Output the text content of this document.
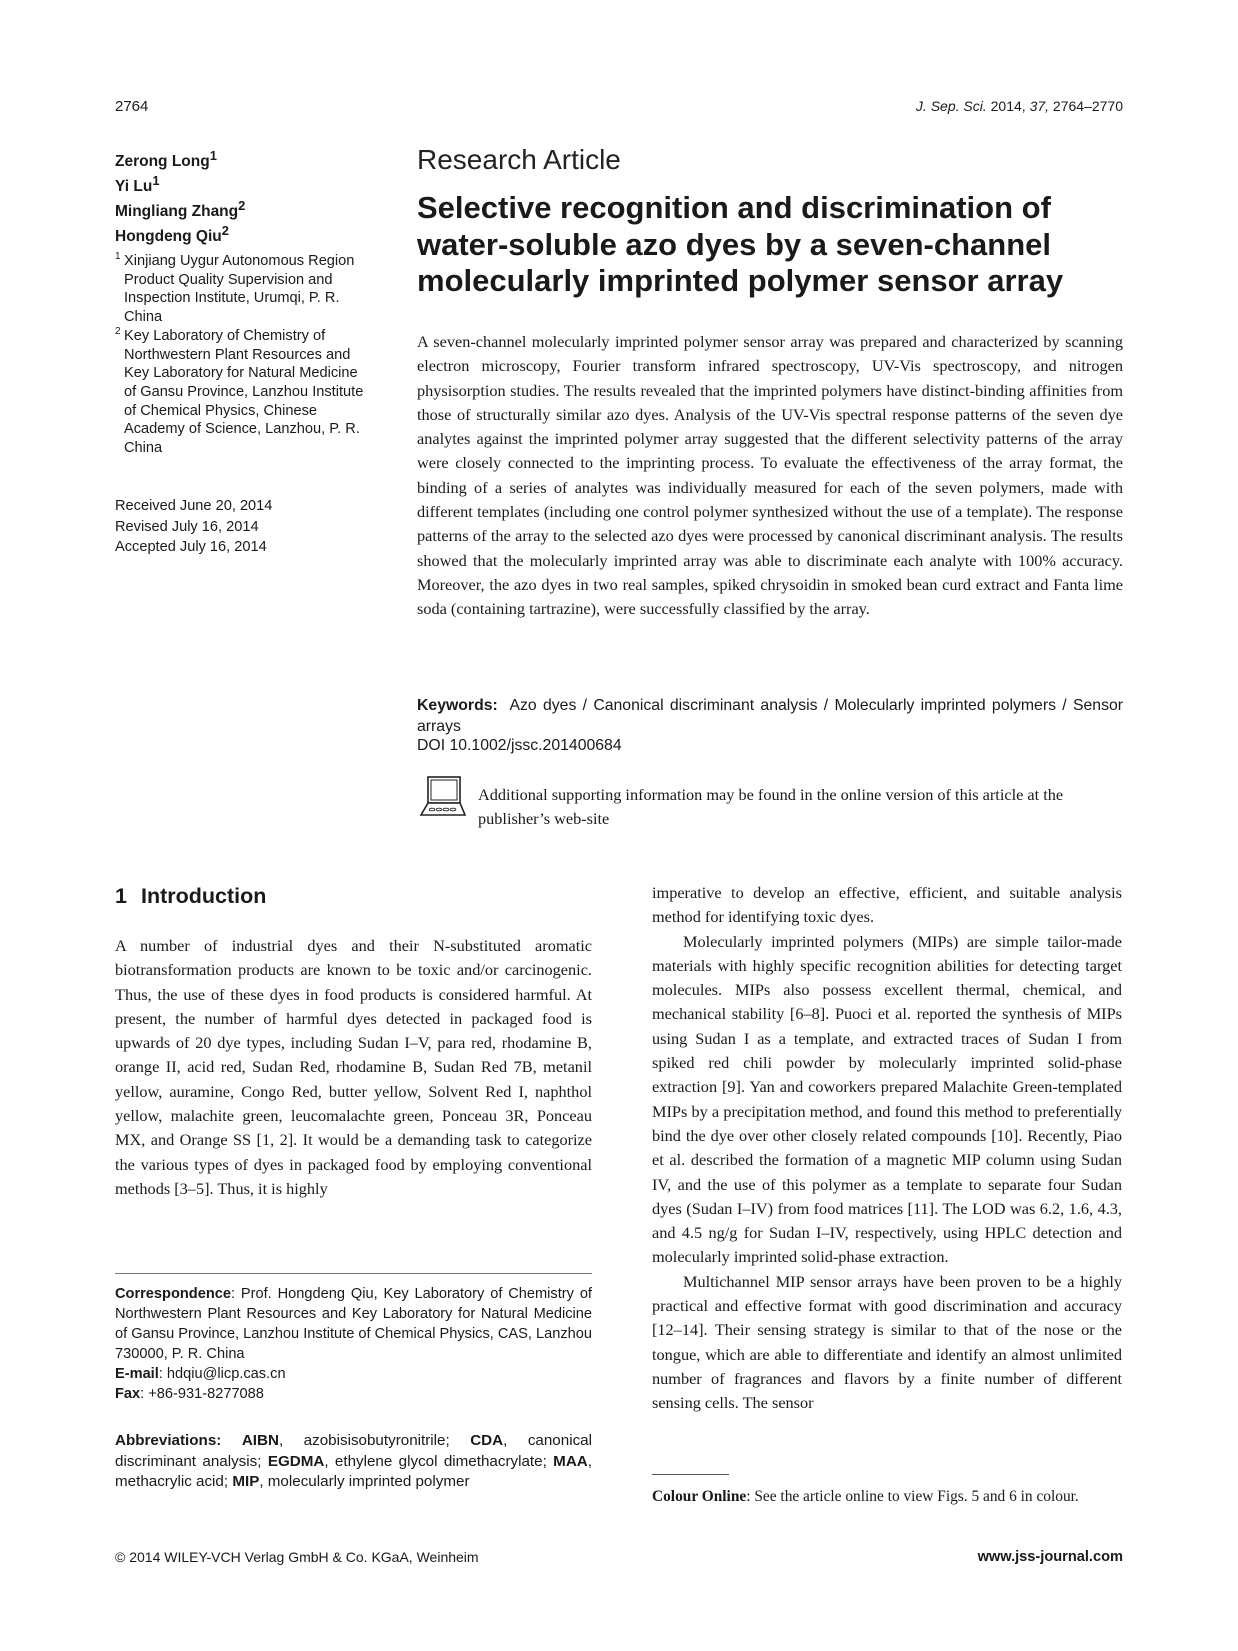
2764	J. Sep. Sci. 2014, 37, 2764–2770
Zerong Long$^1$
Yi Lu$^1$
Mingliang Zhang$^2$
Hongdeng Qiu$^2$
1 Xinjiang Uygur Autonomous Region Product Quality Supervision and Inspection Institute, Urumqi, P. R. China
2 Key Laboratory of Chemistry of Northwestern Plant Resources and Key Laboratory for Natural Medicine of Gansu Province, Lanzhou Institute of Chemical Physics, Chinese Academy of Science, Lanzhou, P. R. China
Received June 20, 2014
Revised July 16, 2014
Accepted July 16, 2014
Research Article
Selective recognition and discrimination of water-soluble azo dyes by a seven-channel molecularly imprinted polymer sensor array

A seven-channel molecularly imprinted polymer sensor array was prepared and characterized by scanning electron microscopy, Fourier transform infrared spectroscopy, UV-Vis spectroscopy, and nitrogen physisorption studies. The results revealed that the imprinted polymers have distinct-binding affinities from those of structurally similar azo dyes. Analysis of the UV-Vis spectral response patterns of the seven dye analytes against the imprinted polymer array suggested that the different selectivity patterns of the array were closely connected to the imprinting process. To evaluate the effectiveness of the array format, the binding of a series of analytes was individually measured for each of the seven polymers, made with different templates (including one control polymer synthesized without the use of a template). The response patterns of the array to the selected azo dyes were processed by canonical discriminant analysis. The results showed that the molecularly imprinted array was able to discriminate each analyte with 100% accuracy. Moreover, the azo dyes in two real samples, spiked chrysoidin in smoked bean curd extract and Fanta lime soda (containing tartrazine), were successfully classified by the array.

Keywords: Azo dyes / Canonical discriminant analysis / Molecularly imprinted polymers / Sensor arrays
DOI 10.1002/jssc.201400684

Additional supporting information may be found in the online version of this article at the publisher’s web-site

1 Introduction

A number of industrial dyes and their N-substituted aromatic biotransformation products are known to be toxic and/or carcinogenic. Thus, the use of these dyes in food products is considered harmful. At present, the number of harmful dyes detected in packaged food is upwards of 20 dye types, including Sudan I–V, para red, rhodamine B, orange II, acid red, Sudan Red, rhodamine B, Sudan Red 7B, metanil yellow, auramine, Congo Red, butter yellow, Solvent Red I, naphthol yellow, malachite green, leucomalachte green, Ponceau 3R, Ponceau MX, and Orange SS [1, 2]. It would be a demanding task to categorize the various types of dyes in packaged food by employing conventional methods [3–5]. Thus, it is highly

imperative to develop an effective, efficient, and suitable analysis method for identifying toxic dyes.

Molecularly imprinted polymers (MIPs) are simple tailor-made materials with highly specific recognition abilities for detecting target molecules. MIPs also possess excellent thermal, chemical, and mechanical stability [6–8]. Puoci et al. reported the synthesis of MIPs using Sudan I as a template, and extracted traces of Sudan I from spiked red chili powder by molecularly imprinted solid-phase extraction [9]. Yan and coworkers prepared Malachite Green-templated MIPs by a precipitation method, and found this method to preferentially bind the dye over other closely related compounds [10]. Recently, Piao et al. described the formation of a magnetic MIP column using Sudan IV, and the use of this polymer as a template to separate four Sudan dyes (Sudan I–IV) from food matrices [11]. The LOD was 6.2, 1.6, 4.3, and 4.5 ng/g for Sudan I–IV, respectively, using HPLC detection and molecularly imprinted solid-phase extraction.

Multichannel MIP sensor arrays have been proven to be a highly practical and effective format with good discrimination and accuracy [12–14]. Their sensing strategy is similar to that of the nose or the tongue, which are able to differentiate and identify an almost unlimited number of fragrances and flavors by a finite number of different sensing cells. The sensor

Correspondence: Prof. Hongdeng Qiu, Key Laboratory of Chemistry of Northwestern Plant Resources and Key Laboratory for Natural Medicine of Gansu Province, Lanzhou Institute of Chemical Physics, CAS, Lanzhou 730000, P. R. China
E-mail: hdqiu@licp.cas.cn
Fax: +86-931-8277088
Abbreviations: AIBN, azobisisobutyronitrile; CDA, canonical discriminant analysis; EGDMA, ethylene glycol dimethacrylate; MAA, methacrylic acid; MIP, molecularly imprinted polymer
Colour Online: See the article online to view Figs. 5 and 6 in colour.
© 2014 WILEY-VCH Verlag GmbH & Co. KGaA, Weinheim	www.jss-journal.com
